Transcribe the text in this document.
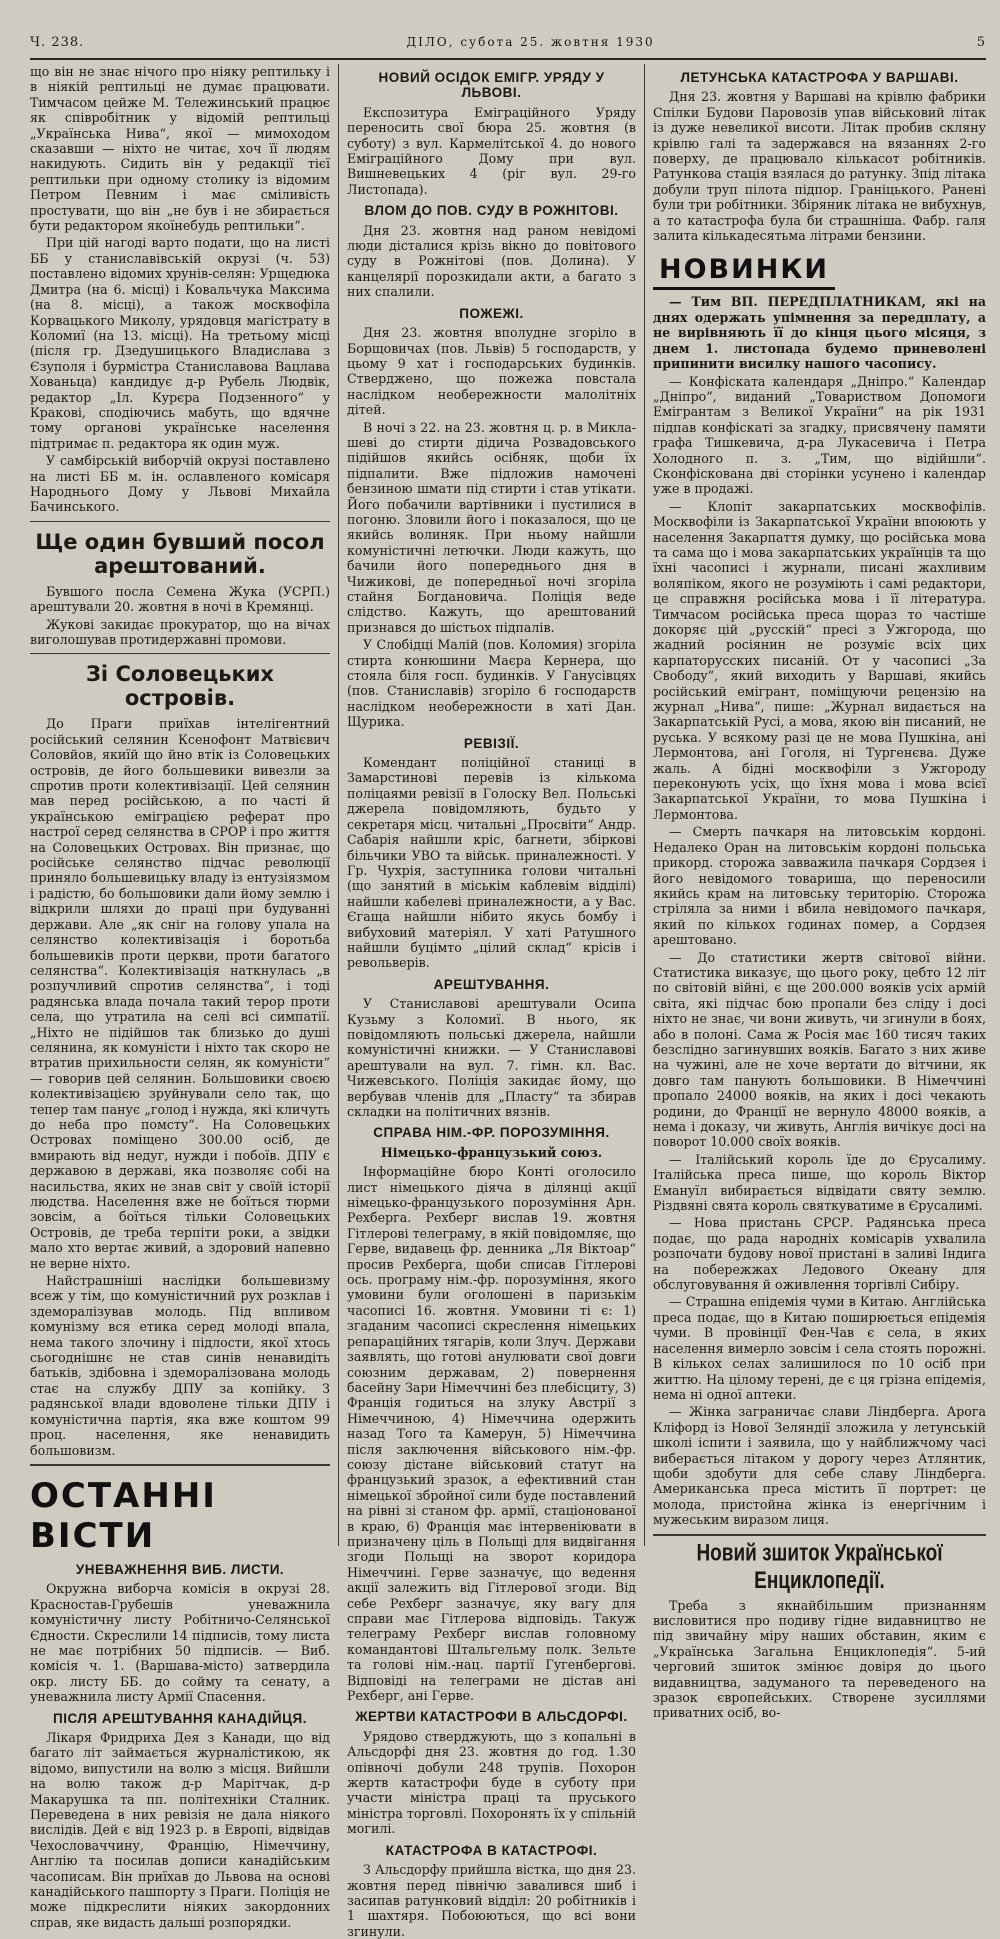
Ч. 238.	ДІЛО, субота 25. жовтня 1930	5

що він не знає нічого про ніяку рептильку і в ніякій рептильці не думає працювати. Тимчасом цейже М. Тележинський працює як співробітник у відомій рептильці „Українська Нива“, якої — мимоходом сказавши — ніхто не читає, хоч її людям накидують. Сидить він у редакції тієї рептильки при одному столику із відомим Петром Певним і має сміливість простувати, що він „не був і не збирається бути редактором якоїнебудь рептильки“.

При цій нагоді варто подати, що на листі ББ у станиславівській окрузі (ч. 53) поставлено відомих хрунів-селян: Урщедюка Дмитра (на 6. місці) і Ковальчука Максима (на 8. місці), а також москвофіла Корвацького Миколу, урядовця магістрату в Коломиї (на 13. місці). На третьому місці (після гр. Дзедушицького Владислава з Єзуполя і бурмістра Станиславова Вацлава Хованьца) кандидує д-р Рубель Людвік, редактор „Іл. Курєра Подзенного“ у Кракові, сподіючись мабуть, що вдячне тому органові українське населення підтримає п. редактора як один муж.

У самбірській виборчій окрузі поставлено на листі ББ м. ін. ославленого комісаря Народнього Дому у Львові Михайла Бачинського.

Ще один бувший посол арештований.

Бувшого посла Семена Жука (УСРП.) арештували 20. жовтня в ночі в Кремянці.

Жукові закидає прокуратор, що на вічах виголошував протидержавні промови.

Зі Соловецьких островів.

До Праги приїхав інтелігентний російський селянин Ксенофонт Матвієвич Соловйов, якиїй що йно втік із Соловецьких островів, де його большевики вивезли за спротив проти колективізації. Цей селянин мав перед російською, а по часті й українською еміграцією реферат про настрої серед селянства в СРОР і про життя на Соловецьких Островах. Він признає, що російське селянство підчас революції приняло большевицьку владу із ентузіязмом і радістю, бо большовики дали йому землю і відкрили шляхи до праці при будуванні держави. Але „як сніг на голову упала на селянство колективізація і боротьба большевиків проти церкви, проти багатого селянства“. Колективізація наткнулась „в розпучливий спротив селянства“, і тоді радянська влада почала такий терор проти села, що утратила на селі всі симпатії. „Ніхто не підійшов так близько до душі селянина, як комуністи і ніхто так скоро не втратив прихильности селян, як комуністи“ — говорив цей селянин. Большовики своєю колективізацією зруйнували село так, що тепер там панує „голод і нужда, які кличуть до неба про помсту“. На Соловецьких Островах поміщено 300.00 осіб, де вмирають від недуг, нужди і побоїв. ДПУ є державою в державі, яка позволяє собі на насильства, яких не знав світ у своїй історії людства. Населення вже не боїться тюрми зовсім, а боїться тільки Соловецьких Островів, де треба терпіти роки, а звідки мало хто вертає живий, а здоровий напевно не верне ніхто.

Найстрашніші наслідки большевизму всеж у тім, що комуністичний рух розклав і здеморалізував молодь. Під впливом комунізму вся етика серед молоді впала, нема такого злочину і підлости, якої хтось сьогоднішнє не став синів ненавидіть батьків, здібовна і здеморалізована молодь стає на службу ДПУ за копійку. З радянської влади вдоволене тільки ДПУ і комуністична партія, яка вже коштом 99 проц. населення, яке ненавидить большовизм.

ОСТАННІ ВІСТИ
УНЕВАЖНЕННЯ ВИБ. ЛИСТИ.

Окружна виборча комісія в окрузі 28. Красностав-Грубешів уневажнила комуністичну листу Робітничо-Селянської Єдности. Скреслили 14 підписів, тому листа не має потрібних 50 підписів. — Виб. комісія ч. 1. (Варшава-місто) затвердила окр. листу ББ. до сойму та сенату, а уневажнила листу Армії Спасення.

ПІСЛЯ АРЕШТУВАННЯ КАНАДІЙЦЯ.

Лікаря Фридриха Дея з Канади, що від багато літ займається журналістикою, як відомо, випустили на волю з місця. Вийшли на волю також д-р Марітчак, д-р Макарушка та пп. політехніки Сталник. Переведена в них ревізія не дала ніякого вислідів. Дей є від 1923 р. в Европі, відвідав Чехословаччину, Францію, Німеччину, Англію та посилав дописи канадійським часописам. Він приїхав до Львова на основі канадійського пашпорту з Праги. Поліція не може підкреслити ніяких закордонних справ, яке видасть дальші розпорядки.

НОВИЙ ОСІДОК ЕМІГР. УРЯДУ У ЛЬВОВІ.

Експозитура Еміграційного Уряду переносить свої бюра 25. жовтня (в суботу) з вул. Кармелітської 4. до нового Еміграційного Дому при вул. Вишневецьких 4 (ріг вул. 29-го Листопада).

ВЛОМ ДО ПОВ. СУДУ В РОЖНІТОВІ.

Дня 23. жовтня над раном невідомі люди дісталися крізь вікно до повітового суду в Рожнітові (пов. Долина). У канцелярії порозкидали акти, а багато з них спалили.

ПОЖЕЖІ.

Дня 23. жовтня вполудне згоріло в Борщовичах (пов. Львів) 5 господарств, у цьому 9 хат і господарських будинків. Стверджено, що пожежа повстала наслідком необережности малолітніх дітей.

В ночі з 22. на 23. жовтня ц. р. в Миклашеві до стирти дідича Розвадовського підійшов якийсь осібняк, щоби їх підпалити. Вже підложив намочені бензиною шмати під стирти і став утікати. Його побачили вартівники і пустилися в погоню. Зловили його і показалося, що це якийсь волиняк. При ньому найшли комуністичні летючки. Люди кажуть, що бачили його попереднього дня в Чижикові, де попередньої ночі згоріла стайня Богдановича. Поліція веде слідство. Кажуть, що арештований признався до шістьох підпалів.

У Слобідці Малій (пов. Коломия) згоріла стирта конюшини Маєра Кернера, що стояла біля госп. будинків. У Ганусівцях (пов. Станиславів) згоріло 6 господарств наслідком необережности в хаті Дан. Щурика.

РЕВІЗІЇ.

Комендант поліційної станиці в Замарстинові перевів із кількома поліцаями ревізії в Голоску Вел. Польські джерела повідомляють, будьто у секретаря місц. читальні „Просвіти“ Андр. Сабарія найшли кріс, багнети, збіркові більчики УВО та військ. приналежності. У Гр. Чухрія, заступника голови читальні (що занятий в міськім каблевім відділі) найшли кабелеві приналежности, а у Вас. Єгаща найшли нібито якусь бомбу і вибуховий матеріял. У хаті Ратушного найшли буцімто „цілий склад“ крісів і револьверів.

АРЕШТУВАННЯ.

У Станиславові арештували Осипа Кузьму з Коломиї. В нього, як повідомляють польські джерела, найшли комуністичні книжки. — У Станиславові арештували на вул. 7. гімн. кл. Вас. Чижевського. Поліція закидає йому, що вербував членів для „Пласту“ та збирав складки на політичних вязнів.

СПРАВА НІМ.-ФР. ПОРОЗУМІННЯ.
Німецько-французький союз.

Інформаційне бюро Конті оголосило лист німецького діяча в ділянці акції німецько-французького порозуміння Арн. Рехберга. Рехберг вислав 19. жовтня Гітлерові телеграму, в якій повідомляє, що Герве, видавець фр. денника „Ля Віктоар“ просив Рехберга, щоби списав Гітлеровi ось. програму нім.-фр. порозуміння, якого умовини були оголошені в паризькім часописі 16. жовтня. Умовини ті є: 1) згаданим часописі скреслення німецьких репараційних тягарів, коли Злуч. Держави заявлять, що готові анулювати свої довги союзним державам, 2) повернення басейну Зари Німеччині без плебісциту, 3) Франція годиться на злуку Австрії з Німеччиною, 4) Німеччина одержить назад Того та Камерун, 5) Німеччина після заключення військового нім.-фр. союзу дістане військовий статут на французький зразок, а ефективний стан німецької збройної сили буде поставлений на рівні зі станом фр. армії, стаціонованої в краю, 6) Франція має інтервеніювати в призначену ціль в Польщі для видвігання згоди Польщі на зворот коридора Німеччині. Герве зазначує, що ведення акції залежить від Гітлерової згоди. Від себе Рехберг зазначує, яку вагу для справи має Гітлерова відповідь. Такуж телеграму Рехберг вислав головному командантові Штальгельму полк. Зельте та голові нім.-нац. партії Гугенбергові. Відповіді на телеграми не дістав ані Рехберг, ані Герве.

ЖЕРТВИ КАТАСТРОФИ В АЛЬСДОРФІ.

Урядово стверджують, що з копальні в Альсдорфі дня 23. жовтня до год. 1.30 опівночі добули 248 трупів. Похорон жертв катастрофи буде в суботу при участи міністра праці та пруського міністра торговлі. Похоронять їх у спільній могилі.

КАТАСТРОФА В КАТАСТРОФІ.

З Альсдорфу прийшла вістка, що дня 23. жовтня перед північю завалився шиб і засипав ратунковий відділ: 20 робітників і 1 шахтяря. Побоюються, що всі вони згинули.

ЛЕТУНСЬКА КАТАСТРОФА У ВАРШАВІ.

Дня 23. жовтня у Варшаві на крівлю фабрики Спілки Будови Паровозів упав військовий літак із дуже невеликої висоти. Літак пробив скляну крівлю галі та задержався на вязаннях 2-го поверху, де працювало кількасот робітників. Ратункова стація взялася до ратунку. Зпід літака добули труп пілота підпор. Граніцького. Ранені були три робітники. Збіряник літака не вибухнув, а то катастрофа була би страшніша. Фабр. галя залита кількадесятьма літрами бензини.

НОВИНКИ

— Тим ВП. ПЕРЕДПЛАТНИКАМ, які на днях одержать упімнення за передплату, а не вирівняють її до кінця цього місяця, з днем 1. листопада будемо приневолені припинити висилку нашого часопису.

— Конфіската календаря „Дніпро.“ Календар „Дніпро“, виданий „Товариством Допомоги Емігрантам з Великої України“ на рік 1931 підпав конфіскаті за згадку, присвячену памяти графа Тишкевича, д-ра Лукасевича і Петра Холодного п. з. „Тим, що відійшли“. Сконфіскована дві сторінки усунено і календар уже в продажі.

— Клопіт закарпатських москвофілів. Москвофіли із Закарпатської України впоюють у населення Закарпаття думку, що російська мова та сама що і мова закарпатських українців та що їхні часописі і журнали, писані жахливим воляпіком, якого не розуміють і самі редактори, це справжня російська мова і її література. Тимчасом російська преса щораз то частіше докоряє цій „русскій“ пресі з Ужгорода, що жадний росіянин не розуміє всіх цих карпаторусских писаній. От у часописі „За Свободу“, який виходить у Варшаві, якийсь російський емігрант, поміщуючи рецензію на журнал „Нива“, пише: „Журнал видається на Закарпатській Русі, а мова, якою він писаний, не руська. У всякому разі це не мова Пушкіна, ані Лермонтова, ані Гоголя, ні Тургенєва. Дуже жаль. А бідні москвофіли з Ужгороду переконують усіх, що їхня мова і мова всієї Закарпатської України, то мова Пушкіна і Лермонтова.

— Смерть пачкаря на литовськім кордоні. Недалеко Оран на литовськім кордоні польська прикорд. сторожа завважила пачкаря Сордзея і його невідомого товариша, що переносили якийсь крам на литовську територію. Сторожа стріляла за ними і вбила невідомого пачкаря, який по кількох годинах помер, а Сордзея арештовано.

— До статистики жертв світової війни. Статистика виказує, що цього року, цебто 12 літ по світовій війні, є ще 200.000 вояків усіх армій світа, які підчас бою пропали без сліду і досі ніхто не знає, чи вони живуть, чи згинули в боях, або в полоні. Сама ж Росія має 160 тисяч таких безслідно загинувших вояків. Багато з них живе на чужині, але не хоче вертати до вітчини, як довго там панують большовики. В Німеччині пропало 24000 вояків, на яких і досі чекають родини, до Франції не вернуло 48000 вояків, а нема і доказу, чи живуть, Англія вичікує досі на поворот 10.000 своїх вояків.

— Італійський король їде до Єрусалиму. Італійська преса пише, що король Віктор Емануїл вибирається відвідати святу землю. Різдвяні свята король святкуватиме в Єрусалимі.

— Нова пристань СРСР. Радянська преса подає, що рада народніх комісарів ухвалила розпочати будову нової пристані в заливі Індига на побережжах Ледового Океану для обслуговування й оживлення торгівлі Сибіру.

— Страшна епідемія чуми в Китаю. Англійська преса подає, що в Китаю поширюється епідемія чуми. В провінції Фен-Чав є села, в яких населення вимерло зовсім і села стоять порожні. В кількох селах залишилося по 10 осіб при життю. На цілому терені, де є ця грізна епідемія, нема ні одної аптеки.

— Жінка заграничає слави Ліндберга. Арога Кліфорд із Нової Зеляндії зложила у летунській школі іспити і заявила, що у найближчому часі виберається літаком у дорогу через Атлянтик, щоби здобути для себе славу Ліндберга. Американська преса містить її портрет: це молода, пристойна жінка із енергічним і мужеським виразом лиця.

Новий зшиток Української Енциклопедії.

Треба з якнайбільшим признанням висловитися про подиву гідне видавництво не під звичайну міру наших обставин, яким є „Українська Загальна Енциклопедія“. 5-ий черговий зшиток змінює довіря до цього видавництва, задуманого та переведеного на зразок європейських. Створене зусиллями приватних осіб, во-
